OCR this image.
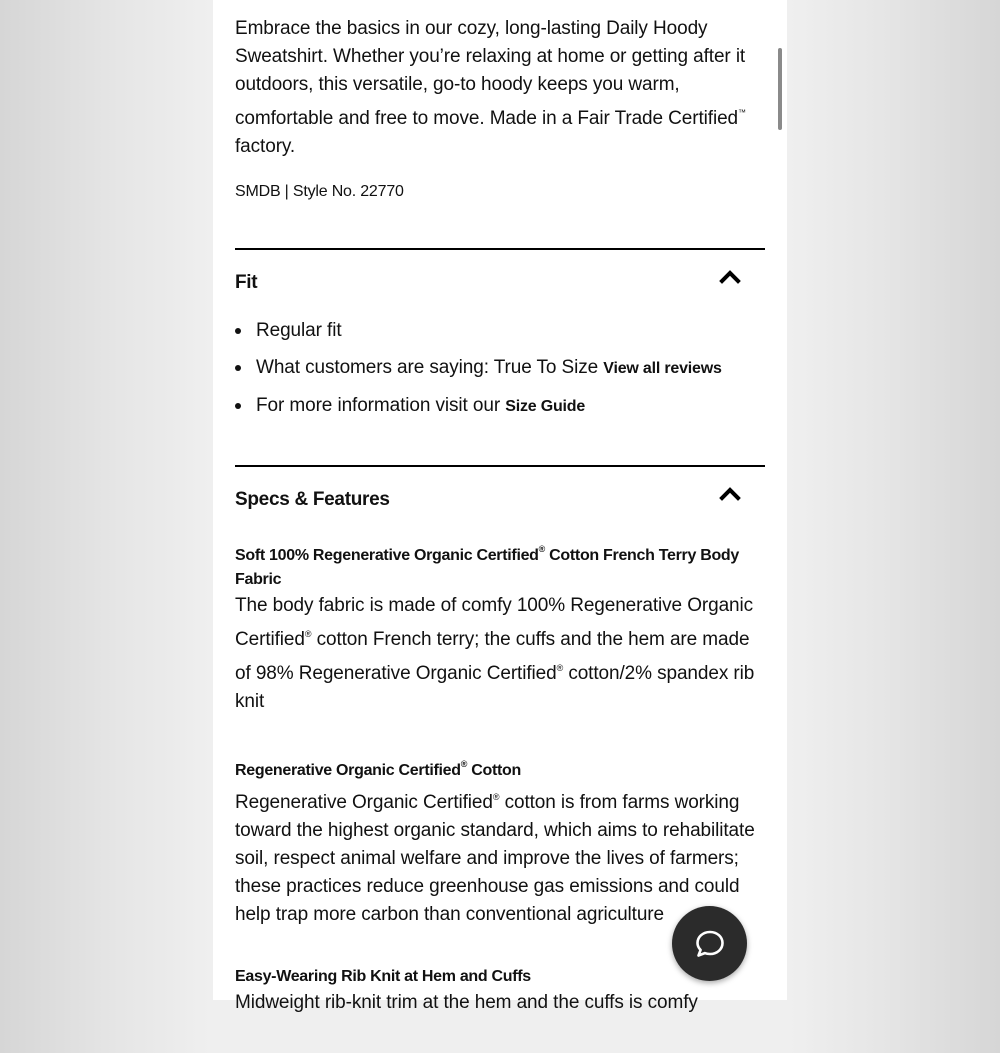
Embrace the basics in our cozy, long-lasting Daily Hoody Sweatshirt. Whether you’re relaxing at home or getting after it outdoors, this versatile, go-to hoody keeps you warm, comfortable and free to move. Made in a Fair Trade Certified™ factory.

SMDB | Style No. 22770
Fit
Regular fit
What customers are saying: True To Size View all reviews
For more information visit our Size Guide
Specs & Features
Soft 100% Regenerative Organic Certified® Cotton French Terry Body Fabric
The body fabric is made of comfy 100% Regenerative Organic Certified® cotton French terry; the cuffs and the hem are made of 98% Regenerative Organic Certified® cotton/2% spandex rib knit
Regenerative Organic Certified® Cotton
Regenerative Organic Certified® cotton is from farms working toward the highest organic standard, which aims to rehabilitate soil, respect animal welfare and improve the lives of farmers; these practices reduce greenhouse gas emissions and could help trap more carbon than conventional agriculture
Easy-Wearing Rib Knit at Hem and Cuffs
Midweight rib-knit trim at the hem and the cuffs is comfy
